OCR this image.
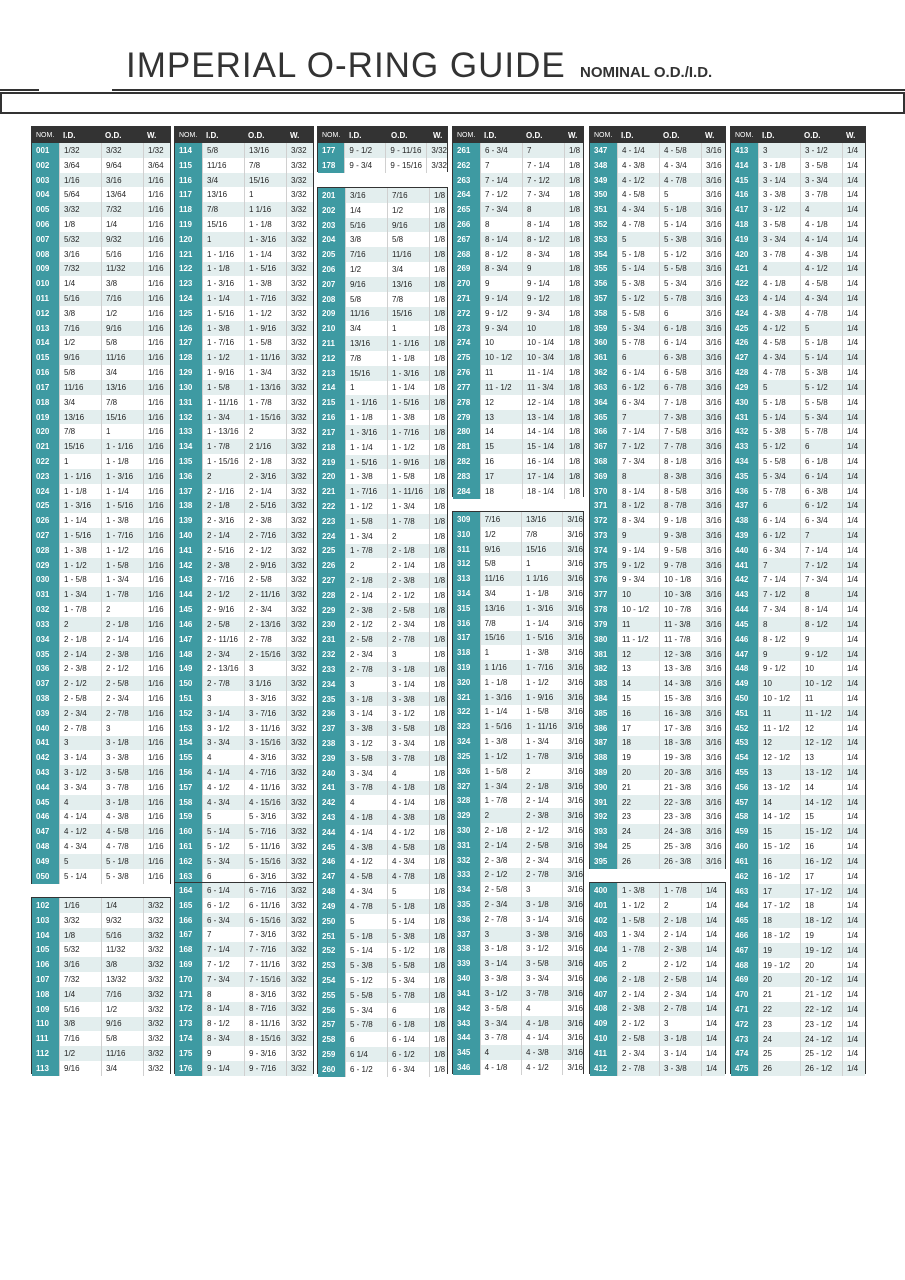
IMPERIAL O-RING GUIDE NOMINAL O.D./I.D.
NOM.	I.D.	O.D.	W.
001	1/32	3/32	1/32
002	3/64	9/64	3/64
003	1/16	3/16	1/16
004	5/64	13/64	1/16
005	3/32	7/32	1/16
006	1/8	1/4	1/16
007	5/32	9/32	1/16
008	3/16	5/16	1/16
009	7/32	11/32	1/16
010	1/4	3/8	1/16
011	5/16	7/16	1/16
012	3/8	1/2	1/16
013	7/16	9/16	1/16
014	1/2	5/8	1/16
015	9/16	11/16	1/16
016	5/8	3/4	1/16
017	11/16	13/16	1/16
018	3/4	7/8	1/16
019	13/16	15/16	1/16
020	7/8	1	1/16
021	15/16	1 - 1/16	1/16
022	1	1 - 1/8	1/16
023	1 - 1/16	1 - 3/16	1/16
024	1 - 1/8	1 - 1/4	1/16
025	1 - 3/16	1 - 5/16	1/16
026	1 - 1/4	1 - 3/8	1/16
027	1 - 5/16	1 - 7/16	1/16
028	1 - 3/8	1 - 1/2	1/16
029	1 - 1/2	1 - 5/8	1/16
030	1 - 5/8	1 - 3/4	1/16
031	1 - 3/4	1 - 7/8	1/16
032	1 - 7/8	2	1/16
033	2	2 - 1/8	1/16
034	2 - 1/8	2 - 1/4	1/16
035	2 - 1/4	2 - 3/8	1/16
036	2 - 3/8	2 - 1/2	1/16
037	2 - 1/2	2 - 5/8	1/16
038	2 - 5/8	2 - 3/4	1/16
039	2 - 3/4	2 - 7/8	1/16
040	2 - 7/8	3	1/16
041	3	3 - 1/8	1/16
042	3 - 1/4	3 - 3/8	1/16
043	3 - 1/2	3 - 5/8	1/16
044	3 - 3/4	3 - 7/8	1/16
045	4	3 - 1/8	1/16
046	4 - 1/4	4 - 3/8	1/16
047	4 - 1/2	4 - 5/8	1/16
048	4 - 3/4	4 - 7/8	1/16
049	5	5 - 1/8	1/16
050	5 - 1/4	5 - 3/8	1/16
102	1/16	1/4	3/32
103	3/32	9/32	3/32
104	1/8	5/16	3/32
105	5/32	11/32	3/32
106	3/16	3/8	3/32
107	7/32	13/32	3/32
108	1/4	7/16	3/32
109	5/16	1/2	3/32
110	3/8	9/16	3/32
111	7/16	5/8	3/32
112	1/2	11/16	3/32
113	9/16	3/4	3/32
NOM.	I.D.	O.D.	W.
114	5/8	13/16	3/32
115	11/16	7/8	3/32
116	3/4	15/16	3/32
117	13/16	1	3/32
118	7/8	1 1/16	3/32
119	15/16	1 - 1/8	3/32
120	1	1 - 3/16	3/32
121	1 - 1/16	1 - 1/4	3/32
122	1 - 1/8	1 - 5/16	3/32
123	1 - 3/16	1 - 3/8	3/32
124	1 - 1/4	1 - 7/16	3/32
125	1 - 5/16	1 - 1/2	3/32
126	1 - 3/8	1 - 9/16	3/32
127	1 - 7/16	1 - 5/8	3/32
128	1 - 1/2	1 - 11/16	3/32
129	1 - 9/16	1 - 3/4	3/32
130	1 - 5/8	1 - 13/16	3/32
131	1 - 11/16	1 - 7/8	3/32
132	1 - 3/4	1 - 15/16	3/32
133	1 - 13/16	2	3/32
134	1 - 7/8	2 1/16	3/32
135	1 - 15/16	2 - 1/8	3/32
136	2	2 - 3/16	3/32
137	2 - 1/16	2 - 1/4	3/32
138	2 - 1/8	2 - 5/16	3/32
139	2 - 3/16	2 - 3/8	3/32
140	2 - 1/4	2 - 7/16	3/32
141	2 - 5/16	2 - 1/2	3/32
142	2 - 3/8	2 - 9/16	3/32
143	2 - 7/16	2 - 5/8	3/32
144	2 - 1/2	2 - 11/16	3/32
145	2 - 9/16	2 - 3/4	3/32
146	2 - 5/8	2 - 13/16	3/32
147	2 - 11/16	2 - 7/8	3/32
148	2 - 3/4	2 - 15/16	3/32
149	2 - 13/16	3	3/32
150	2 - 7/8	3 1/16	3/32
151	3	3 - 3/16	3/32
152	3 - 1/4	3 - 7/16	3/32
153	3 - 1/2	3 - 11/16	3/32
154	3 - 3/4	3 - 15/16	3/32
155	4	4 - 3/16	3/32
156	4 - 1/4	4 - 7/16	3/32
157	4 - 1/2	4 - 11/16	3/32
158	4 - 3/4	4 - 15/16	3/32
159	5	5 - 3/16	3/32
160	5 - 1/4	5 - 7/16	3/32
161	5 - 1/2	5 - 11/16	3/32
162	5 - 3/4	5 - 15/16	3/32
163	6	6 - 3/16	3/32
164	6 - 1/4	6 - 7/16	3/32
165	6 - 1/2	6 - 11/16	3/32
166	6 - 3/4	6 - 15/16	3/32
167	7	7 - 3/16	3/32
168	7 - 1/4	7 - 7/16	3/32
169	7 - 1/2	7 - 11/16	3/32
170	7 - 3/4	7 - 15/16	3/32
171	8	8 - 3/16	3/32
172	8 - 1/4	8 - 7/16	3/32
173	8 - 1/2	8 - 11/16	3/32
174	8 - 3/4	8 - 15/16	3/32
175	9	9 - 3/16	3/32
176	9 - 1/4	9 - 7/16	3/32
NOM.	I.D.	O.D.	W.
177	9 - 1/2	9 - 11/16	3/32
178	9 - 3/4	9 - 15/16	3/32
201	3/16	7/16	1/8
202	1/4	1/2	1/8
203	5/16	9/16	1/8
204	3/8	5/8	1/8
205	7/16	11/16	1/8
206	1/2	3/4	1/8
207	9/16	13/16	1/8
208	5/8	7/8	1/8
209	11/16	15/16	1/8
210	3/4	1	1/8
211	13/16	1 - 1/16	1/8
212	7/8	1 - 1/8	1/8
213	15/16	1 - 3/16	1/8
214	1	1 - 1/4	1/8
215	1 - 1/16	1 - 5/16	1/8
216	1 - 1/8	1 - 3/8	1/8
217	1 - 3/16	1 - 7/16	1/8
218	1 - 1/4	1 - 1/2	1/8
219	1 - 5/16	1 - 9/16	1/8
220	1 - 3/8	1 - 5/8	1/8
221	1 - 7/16	1 - 11/16	1/8
222	1 - 1/2	1 - 3/4	1/8
223	1 - 5/8	1 - 7/8	1/8
224	1 - 3/4	2	1/8
225	1 - 7/8	2 - 1/8	1/8
226	2	2 - 1/4	1/8
227	2 - 1/8	2 - 3/8	1/8
228	2 - 1/4	2 - 1/2	1/8
229	2 - 3/8	2 - 5/8	1/8
230	2 - 1/2	2 - 3/4	1/8
231	2 - 5/8	2 - 7/8	1/8
232	2 - 3/4	3	1/8
233	2 - 7/8	3 - 1/8	1/8
234	3	3 - 1/4	1/8
235	3 - 1/8	3 - 3/8	1/8
236	3 - 1/4	3 - 1/2	1/8
237	3 - 3/8	3 - 5/8	1/8
238	3 - 1/2	3 - 3/4	1/8
239	3 - 5/8	3 - 7/8	1/8
240	3 - 3/4	4	1/8
241	3 - 7/8	4 - 1/8	1/8
242	4	4 - 1/4	1/8
243	4 - 1/8	4 - 3/8	1/8
244	4 - 1/4	4 - 1/2	1/8
245	4 - 3/8	4 - 5/8	1/8
246	4 - 1/2	4 - 3/4	1/8
247	4 - 5/8	4 - 7/8	1/8
248	4 - 3/4	5	1/8
249	4 - 7/8	5 - 1/8	1/8
250	5	5 - 1/4	1/8
251	5 - 1/8	5 - 3/8	1/8
252	5 - 1/4	5 - 1/2	1/8
253	5 - 3/8	5 - 5/8	1/8
254	5 - 1/2	5 - 3/4	1/8
255	5 - 5/8	5 - 7/8	1/8
256	5 - 3/4	6	1/8
257	5 - 7/8	6 - 1/8	1/8
258	6	6 - 1/4	1/8
259	6 1/4	6 - 1/2	1/8
260	6 - 1/2	6 - 3/4	1/8
NOM.	I.D.	O.D.	W.
261	6 - 3/4	7	1/8
262	7	7 - 1/4	1/8
263	7 - 1/4	7 - 1/2	1/8
264	7 - 1/2	7 - 3/4	1/8
265	7 - 3/4	8	1/8
266	8	8 - 1/4	1/8
267	8 - 1/4	8 - 1/2	1/8
268	8 - 1/2	8 - 3/4	1/8
269	8 - 3/4	9	1/8
270	9	9 - 1/4	1/8
271	9 - 1/4	9 - 1/2	1/8
272	9 - 1/2	9 - 3/4	1/8
273	9 - 3/4	10	1/8
274	10	10 - 1/4	1/8
275	10 - 1/2	10 - 3/4	1/8
276	11	11 - 1/4	1/8
277	11 - 1/2	11 - 3/4	1/8
278	12	12 - 1/4	1/8
279	13	13 - 1/4	1/8
280	14	14 - 1/4	1/8
281	15	15 - 1/4	1/8
282	16	16 - 1/4	1/8
283	17	17 - 1/4	1/8
284	18	18 - 1/4	1/8
309	7/16	13/16	3/16
310	1/2	7/8	3/16
311	9/16	15/16	3/16
312	5/8	1	3/16
313	11/16	1 1/16	3/16
314	3/4	1 - 1/8	3/16
315	13/16	1 - 3/16	3/16
316	7/8	1 - 1/4	3/16
317	15/16	1 - 5/16	3/16
318	1	1 - 3/8	3/16
319	1 1/16	1 - 7/16	3/16
320	1 - 1/8	1 - 1/2	3/16
321	1 - 3/16	1 - 9/16	3/16
322	1 - 1/4	1 - 5/8	3/16
323	1 - 5/16	1 - 11/16	3/16
324	1 - 3/8	1 - 3/4	3/16
325	1 - 1/2	1 - 7/8	3/16
326	1 - 5/8	2	3/16
327	1 - 3/4	2 - 1/8	3/16
328	1 - 7/8	2 - 1/4	3/16
329	2	2 - 3/8	3/16
330	2 - 1/8	2 - 1/2	3/16
331	2 - 1/4	2 - 5/8	3/16
332	2 - 3/8	2 - 3/4	3/16
333	2 - 1/2	2 - 7/8	3/16
334	2 - 5/8	3	3/16
335	2 - 3/4	3 - 1/8	3/16
336	2 - 7/8	3 - 1/4	3/16
337	3	3 - 3/8	3/16
338	3 - 1/8	3 - 1/2	3/16
339	3 - 1/4	3 - 5/8	3/16
340	3 - 3/8	3 - 3/4	3/16
341	3 - 1/2	3 - 7/8	3/16
342	3 - 5/8	4	3/16
343	3 - 3/4	4 - 1/8	3/16
344	3 - 7/8	4 - 1/4	3/16
345	4	4 - 3/8	3/16
346	4 - 1/8	4 - 1/2	3/16
NOM.	I.D.	O.D.	W.
347	4 - 1/4	4 - 5/8	3/16
348	4 - 3/8	4 - 3/4	3/16
349	4 - 1/2	4 - 7/8	3/16
350	4 - 5/8	5	3/16
351	4 - 3/4	5 - 1/8	3/16
352	4 - 7/8	5 - 1/4	3/16
353	5	5 - 3/8	3/16
354	5 - 1/8	5 - 1/2	3/16
355	5 - 1/4	5 - 5/8	3/16
356	5 - 3/8	5 - 3/4	3/16
357	5 - 1/2	5 - 7/8	3/16
358	5 - 5/8	6	3/16
359	5 - 3/4	6 - 1/8	3/16
360	5 - 7/8	6 - 1/4	3/16
361	6	6 - 3/8	3/16
362	6 - 1/4	6 - 5/8	3/16
363	6 - 1/2	6 - 7/8	3/16
364	6 - 3/4	7 - 1/8	3/16
365	7	7 - 3/8	3/16
366	7 - 1/4	7 - 5/8	3/16
367	7 - 1/2	7 - 7/8	3/16
368	7 - 3/4	8 - 1/8	3/16
369	8	8 - 3/8	3/16
370	8 - 1/4	8 - 5/8	3/16
371	8 - 1/2	8 - 7/8	3/16
372	8 - 3/4	9 - 1/8	3/16
373	9	9 - 3/8	3/16
374	9 - 1/4	9 - 5/8	3/16
375	9 - 1/2	9 - 7/8	3/16
376	9 - 3/4	10 - 1/8	3/16
377	10	10 - 3/8	3/16
378	10 - 1/2	10 - 7/8	3/16
379	11	11 - 3/8	3/16
380	11 - 1/2	11 - 7/8	3/16
381	12	12 - 3/8	3/16
382	13	13 - 3/8	3/16
383	14	14 - 3/8	3/16
384	15	15 - 3/8	3/16
385	16	16 - 3/8	3/16
386	17	17 - 3/8	3/16
387	18	18 - 3/8	3/16
388	19	19 - 3/8	3/16
389	20	20 - 3/8	3/16
390	21	21 - 3/8	3/16
391	22	22 - 3/8	3/16
392	23	23 - 3/8	3/16
393	24	24 - 3/8	3/16
394	25	25 - 3/8	3/16
395	26	26 - 3/8	3/16
400	1 - 3/8	1 - 7/8	1/4
401	1 - 1/2	2	1/4
402	1 - 5/8	2 - 1/8	1/4
403	1 - 3/4	2 - 1/4	1/4
404	1 - 7/8	2 - 3/8	1/4
405	2	2 - 1/2	1/4
406	2 - 1/8	2 - 5/8	1/4
407	2 - 1/4	2 - 3/4	1/4
408	2 - 3/8	2 - 7/8	1/4
409	2 - 1/2	3	1/4
410	2 - 5/8	3 - 1/8	1/4
411	2 - 3/4	3 - 1/4	1/4
412	2 - 7/8	3 - 3/8	1/4
NOM.	I.D.	O.D.	W.
413	3	3 - 1/2	1/4
414	3 - 1/8	3 - 5/8	1/4
415	3 - 1/4	3 - 3/4	1/4
416	3 - 3/8	3 - 7/8	1/4
417	3 - 1/2	4	1/4
418	3 - 5/8	4 - 1/8	1/4
419	3 - 3/4	4 - 1/4	1/4
420	3 - 7/8	4 - 3/8	1/4
421	4	4 - 1/2	1/4
422	4 - 1/8	4 - 5/8	1/4
423	4 - 1/4	4 - 3/4	1/4
424	4 - 3/8	4 - 7/8	1/4
425	4 - 1/2	5	1/4
426	4 - 5/8	5 - 1/8	1/4
427	4 - 3/4	5 - 1/4	1/4
428	4 - 7/8	5 - 3/8	1/4
429	5	5 - 1/2	1/4
430	5 - 1/8	5 - 5/8	1/4
431	5 - 1/4	5 - 3/4	1/4
432	5 - 3/8	5 - 7/8	1/4
433	5 - 1/2	6	1/4
434	5 - 5/8	6 - 1/8	1/4
435	5 - 3/4	6 - 1/4	1/4
436	5 - 7/8	6 - 3/8	1/4
437	6	6 - 1/2	1/4
438	6 - 1/4	6 - 3/4	1/4
439	6 - 1/2	7	1/4
440	6 - 3/4	7 - 1/4	1/4
441	7	7 - 1/2	1/4
442	7 - 1/4	7 - 3/4	1/4
443	7 - 1/2	8	1/4
444	7 - 3/4	8 - 1/4	1/4
445	8	8 - 1/2	1/4
446	8 - 1/2	9	1/4
447	9	9 - 1/2	1/4
448	9 - 1/2	10	1/4
449	10	10 - 1/2	1/4
450	10 - 1/2	11	1/4
451	11	11 - 1/2	1/4
452	11 - 1/2	12	1/4
453	12	12 - 1/2	1/4
454	12 - 1/2	13	1/4
455	13	13 - 1/2	1/4
456	13 - 1/2	14	1/4
457	14	14 - 1/2	1/4
458	14 - 1/2	15	1/4
459	15	15 - 1/2	1/4
460	15 - 1/2	16	1/4
461	16	16 - 1/2	1/4
462	16 - 1/2	17	1/4
463	17	17 - 1/2	1/4
464	17 - 1/2	18	1/4
465	18	18 - 1/2	1/4
466	18 - 1/2	19	1/4
467	19	19 - 1/2	1/4
468	19 - 1/2	20	1/4
469	20	20 - 1/2	1/4
470	21	21 - 1/2	1/4
471	22	22 - 1/2	1/4
472	23	23 - 1/2	1/4
473	24	24 - 1/2	1/4
474	25	25 - 1/2	1/4
475	26	26 - 1/2	1/4
